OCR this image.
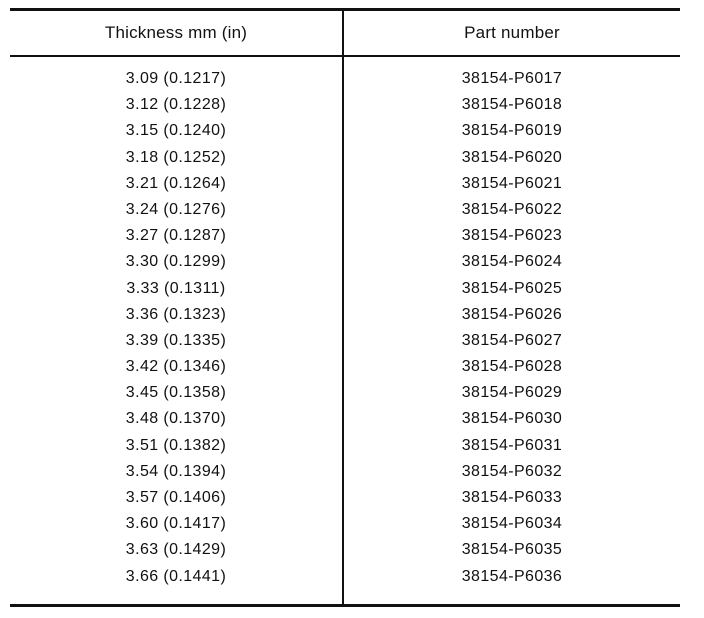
Thickness mm (in)	Part number
3.09 (0.1217)	38154-P6017
3.12 (0.1228)	38154-P6018
3.15 (0.1240)	38154-P6019
3.18 (0.1252)	38154-P6020
3.21 (0.1264)	38154-P6021
3.24 (0.1276)	38154-P6022
3.27 (0.1287)	38154-P6023
3.30 (0.1299)	38154-P6024
3.33 (0.1311)	38154-P6025
3.36 (0.1323)	38154-P6026
3.39 (0.1335)	38154-P6027
3.42 (0.1346)	38154-P6028
3.45 (0.1358)	38154-P6029
3.48 (0.1370)	38154-P6030
3.51 (0.1382)	38154-P6031
3.54 (0.1394)	38154-P6032
3.57 (0.1406)	38154-P6033
3.60 (0.1417)	38154-P6034
3.63 (0.1429)	38154-P6035
3.66 (0.1441)	38154-P6036
